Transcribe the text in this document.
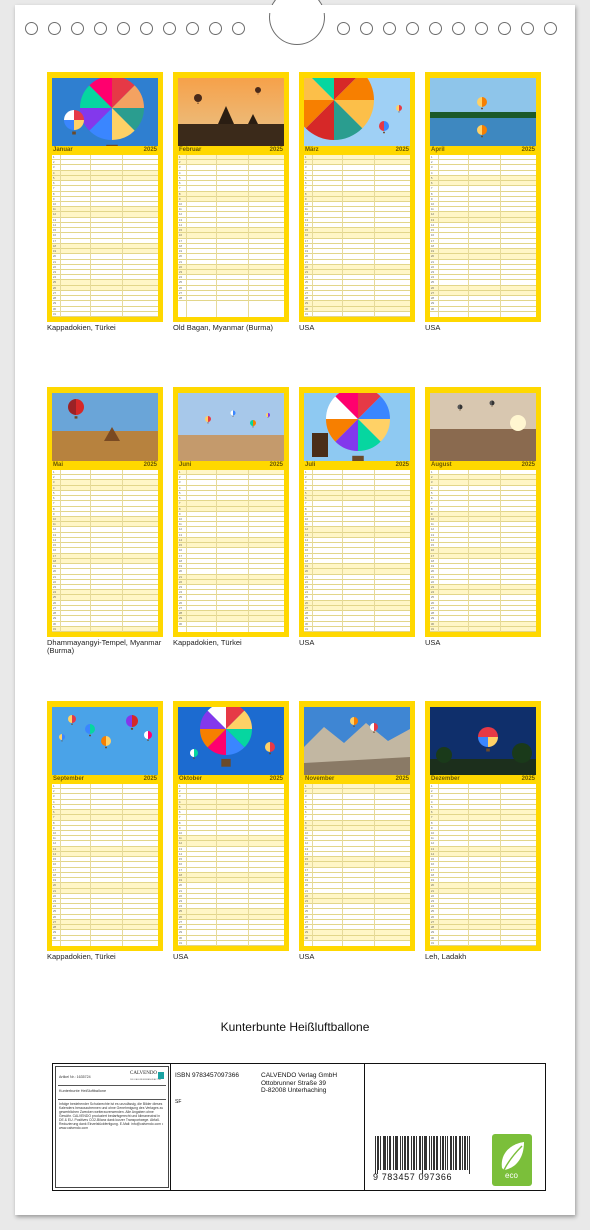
Januar	2025
1
2
3
4
5
6
7
8
9
10
11
12
13
14
15
16
17
18
19
20
21
22
23
24
25
26
27
28
29
30
31
Kappadokien, Türkei
Februar	2025
1
2
3
4
5
6
7
8
9
10
11
12
13
14
15
16
17
18
19
20
21
22
23
24
25
26
27
28
Old Bagan, Myanmar (Burma)
März	2025
1
2
3
4
5
6
7
8
9
10
11
12
13
14
15
16
17
18
19
20
21
22
23
24
25
26
27
28
29
30
31
USA
April	2025
1
2
3
4
5
6
7
8
9
10
11
12
13
14
15
16
17
18
19
20
21
22
23
24
25
26
27
28
29
30
USA
Mai	2025
1
2
3
4
5
6
7
8
9
10
11
12
13
14
15
16
17
18
19
20
21
22
23
24
25
26
27
28
29
30
31
Dhammayangyi-Tempel, Myanmar (Burma)
Juni	2025
1
2
3
4
5
6
7
8
9
10
11
12
13
14
15
16
17
18
19
20
21
22
23
24
25
26
27
28
29
30
Kappadokien, Türkei
Juli	2025
1
2
3
4
5
6
7
8
9
10
11
12
13
14
15
16
17
18
19
20
21
22
23
24
25
26
27
28
29
30
31
USA
August	2025
1
2
3
4
5
6
7
8
9
10
11
12
13
14
15
16
17
18
19
20
21
22
23
24
25
26
27
28
29
30
31
USA
September	2025
1
2
3
4
5
6
7
8
9
10
11
12
13
14
15
16
17
18
19
20
21
22
23
24
25
26
27
28
29
30
Kappadokien, Türkei
Oktober	2025
1
2
3
4
5
6
7
8
9
10
11
12
13
14
15
16
17
18
19
20
21
22
23
24
25
26
27
28
29
30
31
USA
November	2025
1
2
3
4
5
6
7
8
9
10
11
12
13
14
15
16
17
18
19
20
21
22
23
24
25
26
27
28
29
30
USA
Dezember	2025
1
2
3
4
5
6
7
8
9
10
11
12
13
14
15
16
17
18
19
20
21
22
23
24
25
26
27
28
29
30
31
Leh, Ladakh
Kunterbunte Heißluftballone
Artikel Nr.: 1635724
CALVENDO
DIE KALENDERMANUFAKTUR
Kunterbunte Heißluftballone
Infolge bestehender Schutzrechte ist es unzulässig, die Bilder dieses Kalenders herauszutrennen und ohne Genehmigung des Verlages zu gewerblichen Zwecken weiterzuverwenden. Alle Angaben ohne Gewähr. CALVENDO produziert bedarfsgerecht und klimaneutral in DE & EU. Positives CO2-Bilanz dank kurzer Transportwege. Abfall-Reduzierung dank Einzelstückfertigung. E-Mail: info@calvendo.com • www.calvendo.com
ISBN 9783457097366	CALVENDO Verlag GmbH
Ottobrunner Straße 39
D-82008 Unterhaching
SF
9 783457 097366	eco
